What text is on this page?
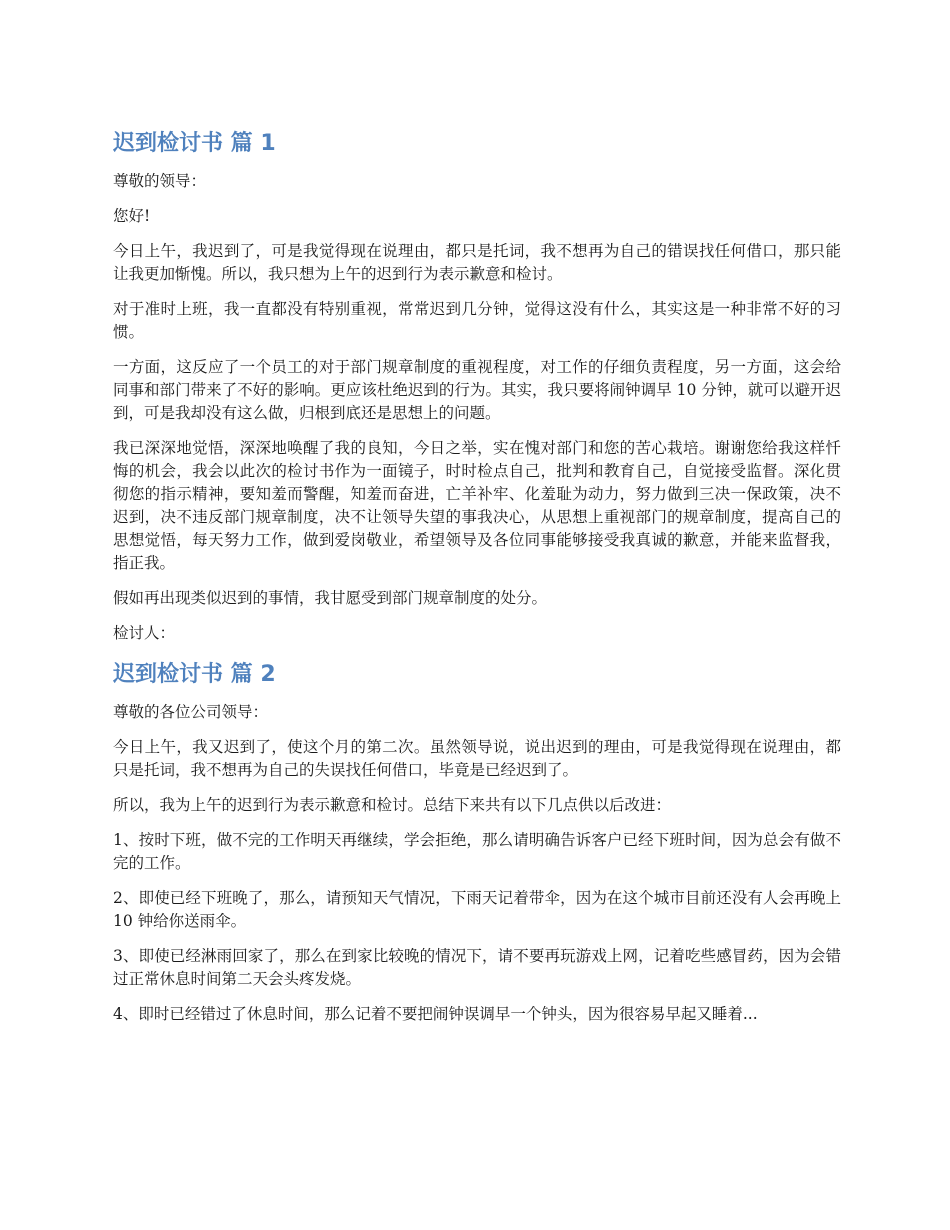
迟到检讨书 篇 1

尊敬的领导：

您好!

今日上午，我迟到了，可是我觉得现在说理由，都只是托词，我不想再为自己的错误找任何借口，那只能让我更加惭愧。所以，我只想为上午的迟到行为表示歉意和检讨。

对于准时上班，我一直都没有特别重视，常常迟到几分钟，觉得这没有什么，其实这是一种非常不好的习惯。

一方面，这反应了一个员工的对于部门规章制度的重视程度，对工作的仔细负责程度，另一方面，这会给同事和部门带来了不好的影响。更应该杜绝迟到的行为。其实，我只要将闹钟调早 10 分钟，就可以避开迟到，可是我却没有这么做，归根到底还是思想上的问题。

我已深深地觉悟，深深地唤醒了我的良知，今日之举，实在愧对部门和您的苦心栽培。谢谢您给我这样忏悔的机会，我会以此次的检讨书作为一面镜子，时时检点自己，批判和教育自己，自觉接受监督。深化贯彻您的指示精神，要知羞而警醒，知羞而奋进，亡羊补牢、化羞耻为动力，努力做到三决一保政策，决不迟到，决不违反部门规章制度，决不让领导失望的事我决心，从思想上重视部门的规章制度，提高自己的思想觉悟，每天努力工作，做到爱岗敬业，希望领导及各位同事能够接受我真诚的歉意，并能来监督我，指正我。

假如再出现类似迟到的事情，我甘愿受到部门规章制度的处分。

检讨人：

迟到检讨书 篇 2

尊敬的各位公司领导：

今日上午，我又迟到了，使这个月的第二次。虽然领导说，说出迟到的理由，可是我觉得现在说理由，都只是托词，我不想再为自己的失误找任何借口，毕竟是已经迟到了。

所以，我为上午的迟到行为表示歉意和检讨。总结下来共有以下几点供以后改进：

1、按时下班，做不完的工作明天再继续，学会拒绝，那么请明确告诉客户已经下班时间，因为总会有做不完的工作。

2、即使已经下班晚了，那么，请预知天气情况，下雨天记着带伞，因为在这个城市目前还没有人会再晚上 10 钟给你送雨伞。

3、即使已经淋雨回家了，那么在到家比较晚的情况下，请不要再玩游戏上网，记着吃些感冒药，因为会错过正常休息时间第二天会头疼发烧。

4、即时已经错过了休息时间，那么记着不要把闹钟误调早一个钟头，因为很容易早起又睡着...
